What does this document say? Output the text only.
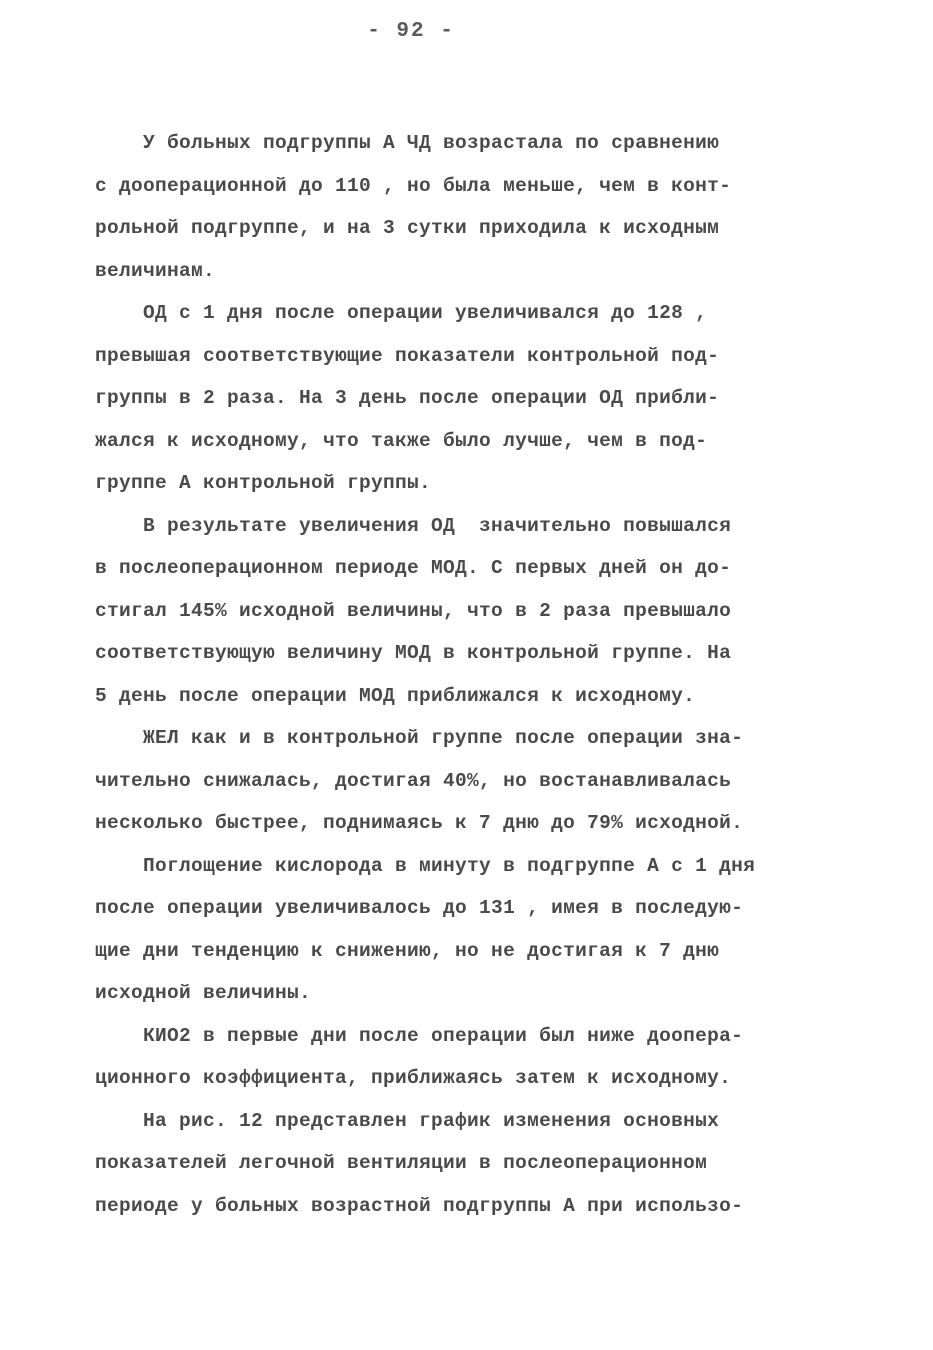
- 92 -
У больных подгруппы А ЧД возрастала по сравнению
с дооперационной до 110 , но была меньше, чем в конт-
рольной подгруппе, и на 3 сутки приходила к исходным
величинам.
ОД с 1 дня после операции увеличивался до 128 ,
превышая соответствующие показатели контрольной под-
группы в 2 раза. На 3 день после операции ОД прибли-
жался к исходному, что также было лучше, чем в под-
группе А контрольной группы.
В результате увеличения ОД  значительно повышался
в послеоперационном периоде МОД. С первых дней он до-
стигал 145% исходной величины, что в 2 раза превышало
соответствующую величину МОД в контрольной группе. На
5 день после операции МОД приближался к исходному.
ЖЕЛ как и в контрольной группе после операции зна-
чительно снижалась, достигая 40%, но востанавливалась
несколько быстрее, поднимаясь к 7 дню до 79% исходной.
Поглощение кислорода в минуту в подгруппе А с 1 дня
после операции увеличивалось до 131 , имея в последую-
щие дни тенденцию к снижению, но не достигая к 7 дню
исходной величины.
КИО2 в первые дни после операции был ниже доопера-
ционного коэффициента, приближаясь затем к исходному.
На рис. 12 представлен график изменения основных
показателей легочной вентиляции в послеоперационном
периоде у больных возрастной подгруппы А при использо-
